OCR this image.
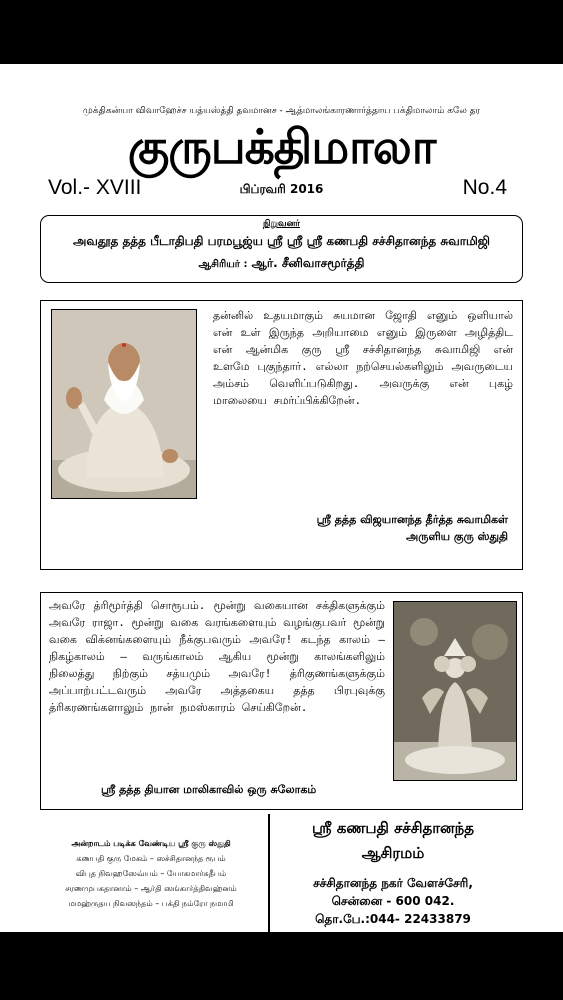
முக்திகன்யா விவாஹேச்ச யத்யஸ்த்தி தவமானச - ஆத்மாலங்காரணார்த்தாய பக்திமாலாம் கலே தர
குருபக்திமாலா
Vol.- XVIII	பிப்ரவரி 2016	No.4
நிறுவனர்
அவதூத தத்த பீடாதிபதி பரமபூஜ்ய ஸ்ரீ ஸ்ரீ ஸ்ரீ கணபதி சச்சிதானந்த சுவாமிஜி
ஆசிரியர் : ஆர். சீனிவாசமூர்த்தி
தன்னில் உதயமாகும் சுயமான ஜோதி எனும் ஒளியால் என் உள் இருந்த அறியாமை எனும் இருளை அழித்திட என் ஆன்மிக குரு ஸ்ரீ சச்சிதானந்த சுவாமிஜி என் உளமே புகுந்தார். எல்லா நற்செயல்களிலும் அவருடைய அம்சம் வெளிப்படுகிறது. அவருக்கு என் புகழ் மாலையை சமர்ப்பிக்கிறேன்.
ஸ்ரீ தத்த விஜயானந்த தீர்த்த சுவாமிகள்
அருளிய குரு ஸ்துதி
அவரே த்ரிமூர்த்தி சொரூபம். மூன்று வகையான சக்திகளுக்கும் அவரே ராஜா. மூன்று வகை வரங்களையும் வழங்குபவர் மூன்று வகை விக்னங்களையும் நீக்குபவரும் அவரே! கடந்த காலம் – நிகழ்காலம் – வருங்காலம் ஆகிய மூன்று காலங்களிலும் நிலைத்து நிற்கும் சத்யமும் அவரே! த்ரிகுணங்களுக்கும் அப்பாற்பட்டவரும் அவரே அத்தகைய தத்த பிரபுவுக்கு த்ரிகரணங்களாலும் நான் நமஸ்காரம் செய்கிறேன்.
ஸ்ரீ தத்த தியான மாலிகாவில் ஒரு சுலோகம்
அன்றாடம் படிக்க வேண்டிய ஸ்ரீ குரு ஸ்துதி
கணபதி குரு மேகம் – ஸச்சிதானந்த ரூபம்
விபுத நிவஹஸேவ்யம் – யோகமார்கதீபம்
சரணமுபகதானாம் – ஆர்தி ஸங்கார்த்திவஹ்னம்
மமஹ்ருதய நிவஸந்தம் – பக்தி நம்ரோ நமாமி
ஸ்ரீ கணபதி சச்சிதானந்த
ஆசிரமம்
சச்சிதானந்த நகர் வேளச்சேரி,
சென்னை - 600 042.
தொ.பே.:044- 22433879
குரு பக்திமாலா	பிப்ரவரி2016	3
